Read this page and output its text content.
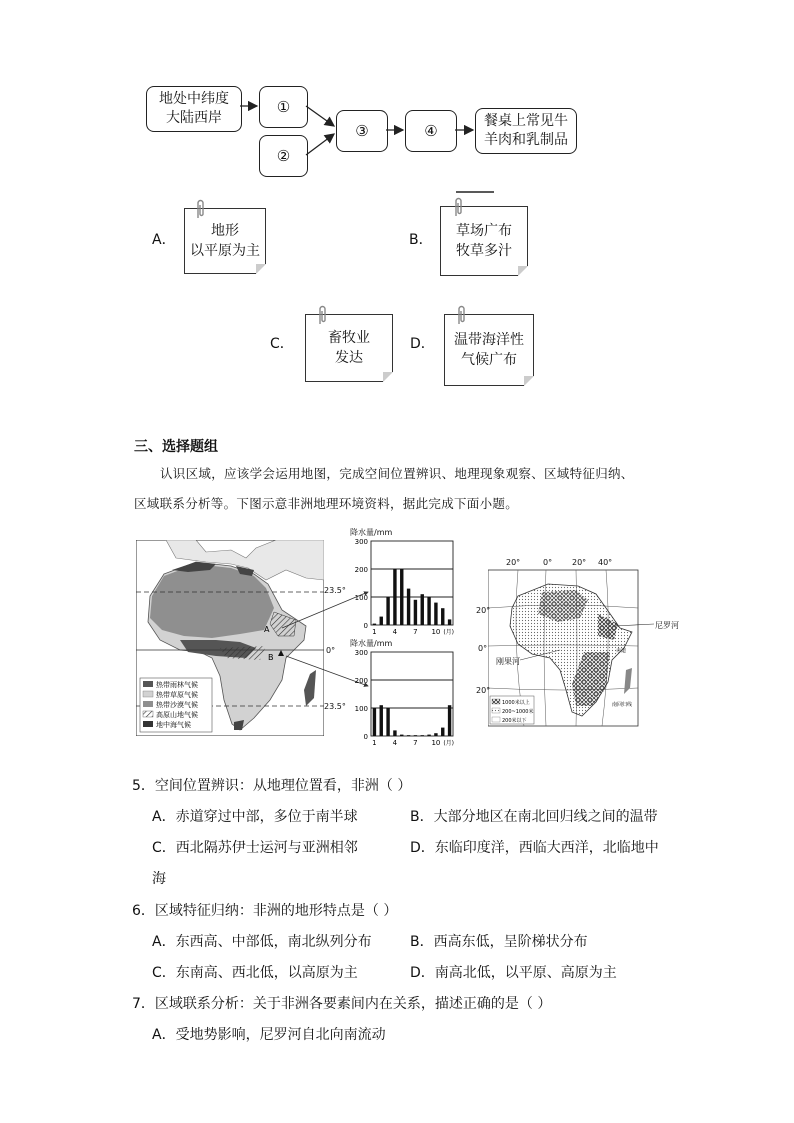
地处中纬度
大陆西岸
①
②
③	④
餐桌上常见牛
羊肉和乳制品
A．
地形
以平原为主
B．
草场广布
牧草多汁
C．	畜牧业
发达
D．	温带海洋性
气候广布
三、选择题组
认识区域，应该学会运用地图，完成空间位置辨识、地理现象观察、区域特征归纳、
区域联系分析等。下图示意非洲地理环境资料，据此完成下面小题。
A
B
热带雨林气候
热带草原气候
热带沙漠气候
高原山地气候
地中海气候
23.5°
0°
23.5°
降水量/mm
0
100
200
300
1 4 7 10 (月)
降水量/mm
0
100
200
300
1 4 7 10 (月)
1000米以上
200~1000米
200米以下
赤道
南回归线
20°	0° 20° 40°
20°
0°
20°
尼罗河
刚果河
5．空间位置辨识：从地理位置看，非洲（ ）
A．赤道穿过中部，多位于南半球	B．大部分地区在南北回归线之间的温带
C．西北隔苏伊士运河与亚洲相邻	D．东临印度洋，西临大西洋，北临地中
海
6．区域特征归纳：非洲的地形特点是（ ）
A．东西高、中部低，南北纵列分布	B．西高东低，呈阶梯状分布
C．东南高、西北低，以高原为主	D．南高北低，以平原、高原为主
7．区域联系分析：关于非洲各要素间内在关系，描述正确的是（ ）
A．受地势影响，尼罗河自北向南流动
